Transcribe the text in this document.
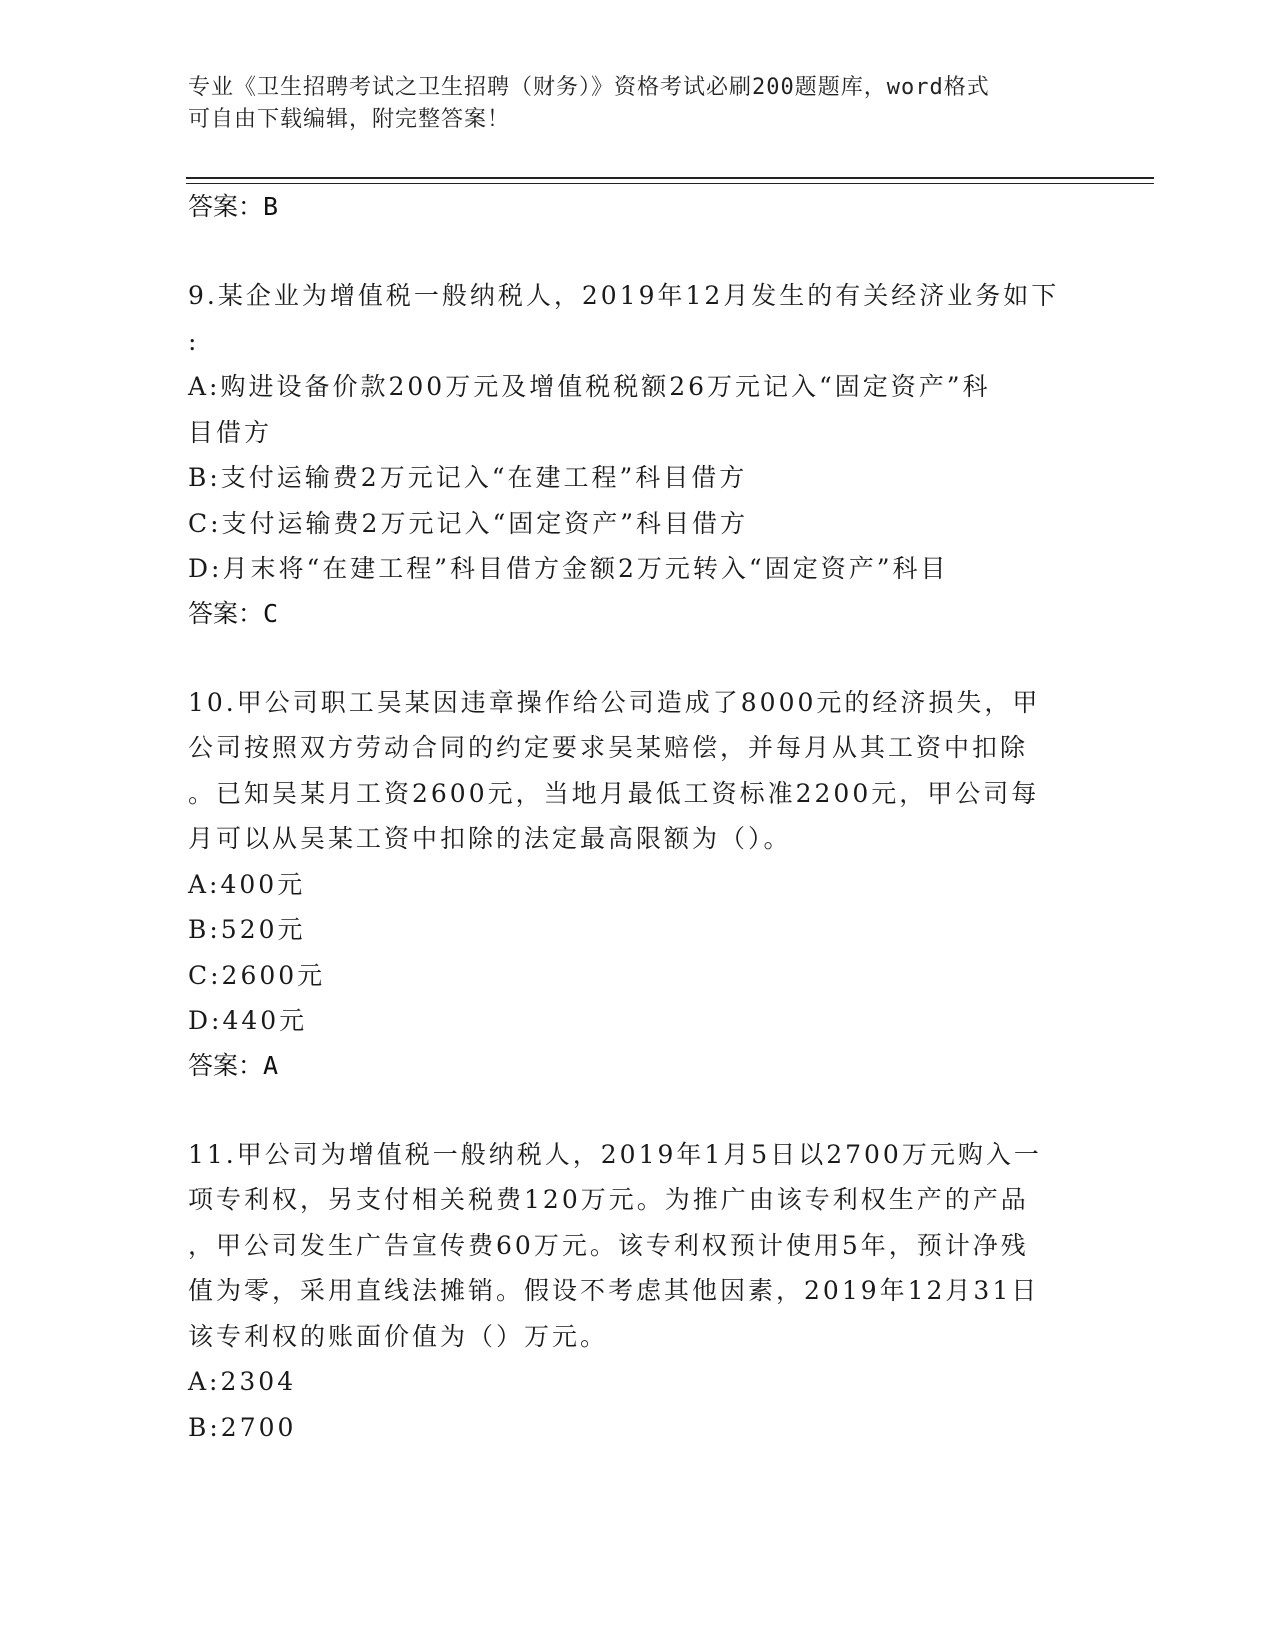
专业《卫生招聘考试之卫生招聘（财务）》资格考试必刷200题题库，word格式
可自由下载编辑，附完整答案！
答案：B
9.某企业为增值税一般纳税人，2019年12月发生的有关经济业务如下
:
A:购进设备价款200万元及增值税税额26万元记入“固定资产”科
目借方
B:支付运输费2万元记入“在建工程”科目借方
C:支付运输费2万元记入“固定资产”科目借方
D:月末将“在建工程”科目借方金额2万元转入“固定资产”科目
答案：C
10.甲公司职工吴某因违章操作给公司造成了8000元的经济损失，甲
公司按照双方劳动合同的约定要求吴某赔偿，并每月从其工资中扣除
。已知吴某月工资2600元，当地月最低工资标准2200元，甲公司每
月可以从吴某工资中扣除的法定最高限额为（）。
A:400元
B:520元
C:2600元
D:440元
答案：A
11.甲公司为增值税一般纳税人，2019年1月5日以2700万元购入一
项专利权，另支付相关税费120万元。为推广由该专利权生产的产品
，甲公司发生广告宣传费60万元。该专利权预计使用5年，预计净残
值为零，采用直线法摊销。假设不考虑其他因素，2019年12月31日
该专利权的账面价值为（）万元。
A:2304
B:2700
